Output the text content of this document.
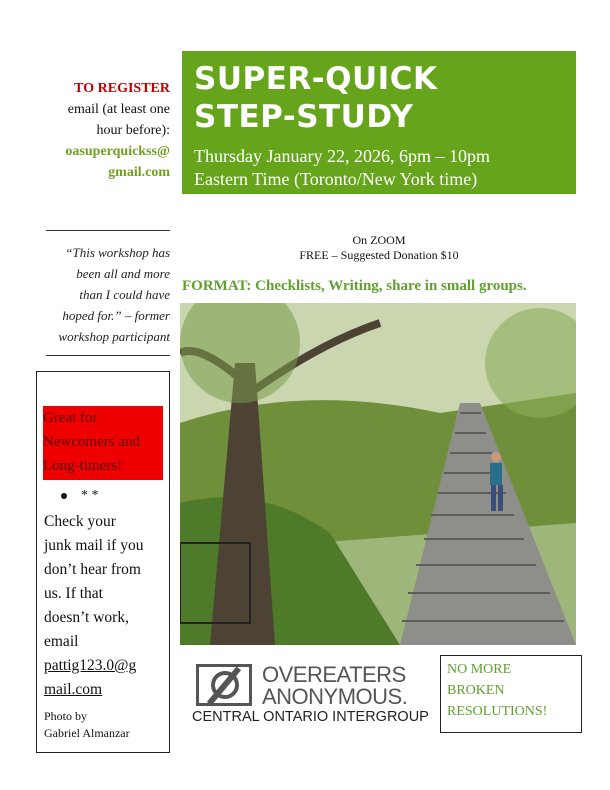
TO REGISTER
email (at least one
hour before):
oasuperquickss@
gmail.com
“This workshop has
been all and more
than I could have
hoped for.” – former
workshop participant
Great for
Newcomers and
Long-timers!
* *
Check your
junk mail if you
don’t hear from
us. If that
doesn’t work,
email
pattig123.0@g
mail.com
Photo by
Gabriel Almanzar
SUPER-QUICK
STEP-STUDY
Thursday January 22, 2026, 6pm – 10pm
Eastern Time (Toronto/New York time)
On ZOOM
FREE – Suggested Donation $10
FORMAT: Checklists, Writing, share in small groups.
OVEREATERS
ANONYMOUS.
CENTRAL ONTARIO INTERGROUP
NO MORE
BROKEN
RESOLUTIONS!
